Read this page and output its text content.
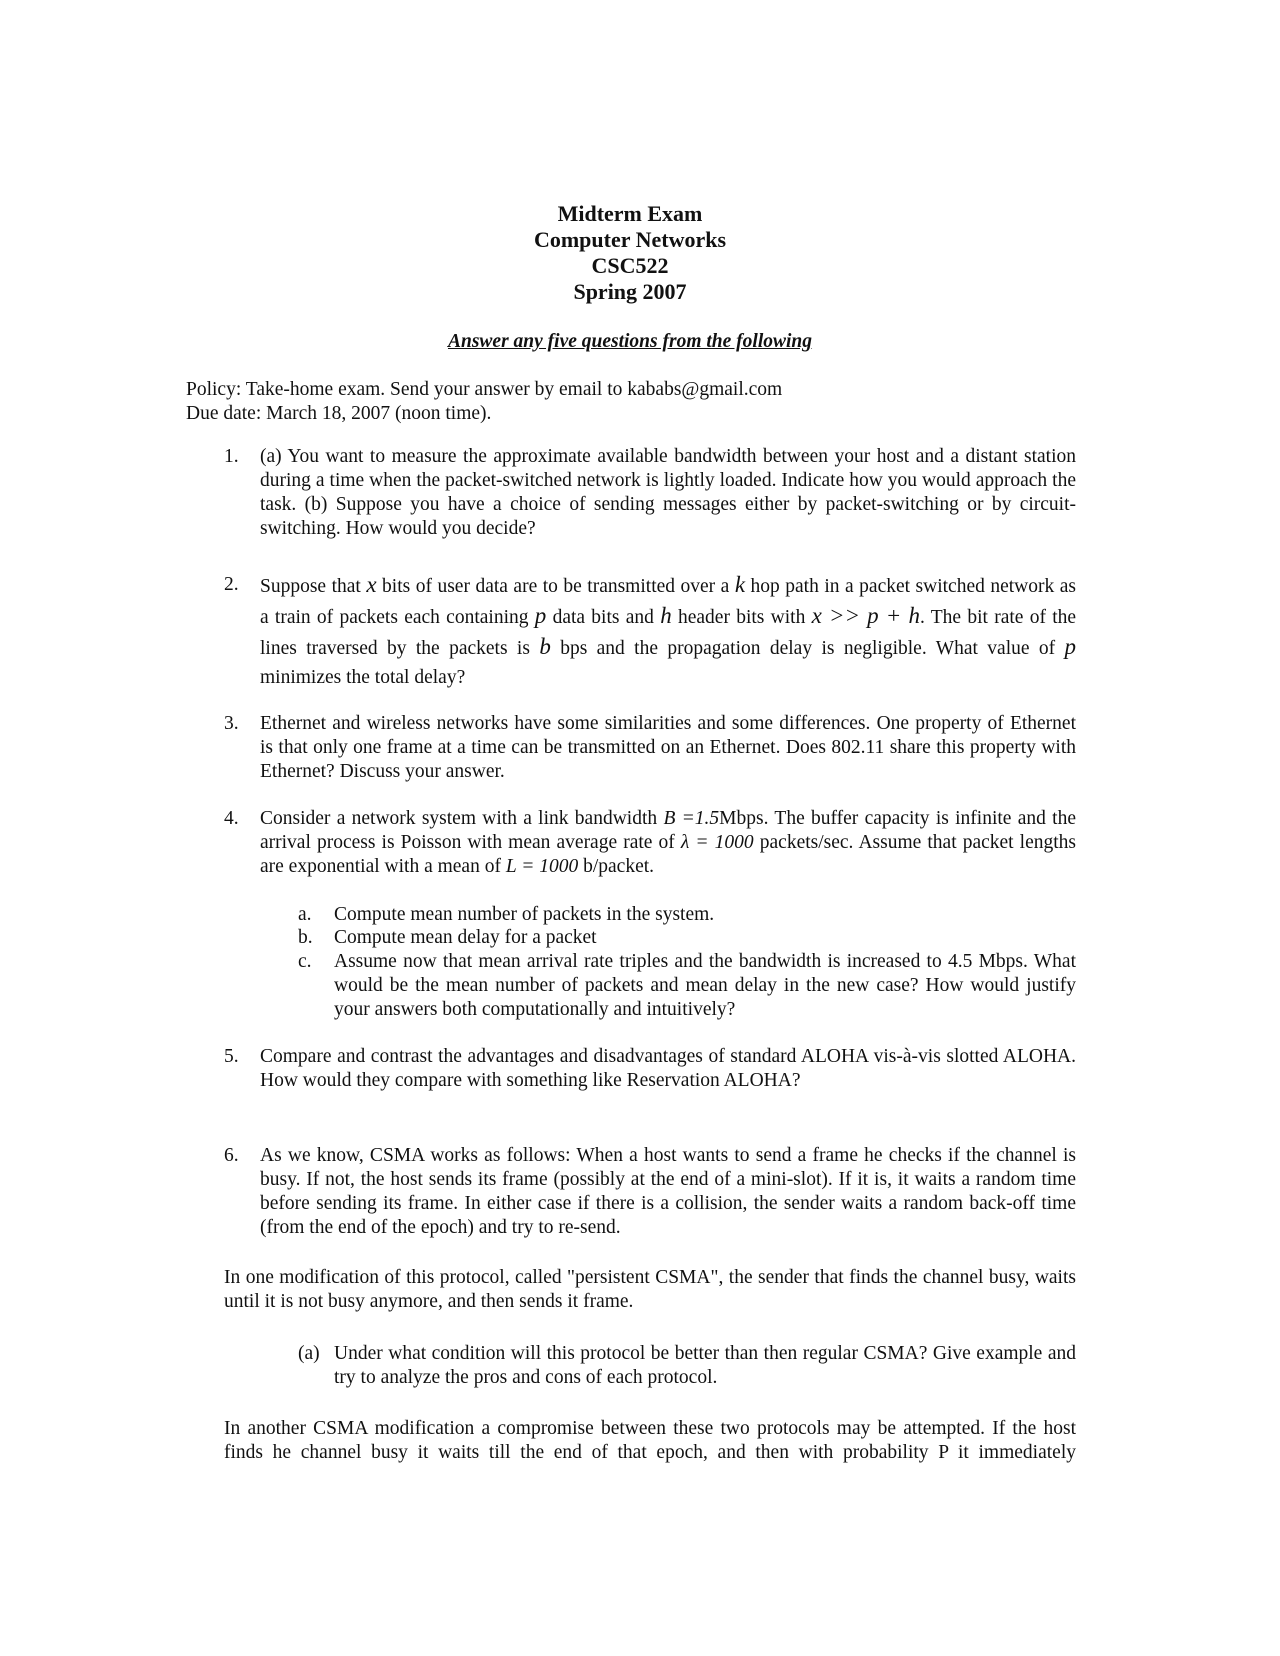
Midterm Exam
Computer Networks
CSC522
Spring 2007
Answer any five questions from the following
Policy: Take-home exam. Send your answer by email to kababs@gmail.com
Due date: March 18, 2007 (noon time).
1. (a) You want to measure the approximate available bandwidth between your host and a distant station during a time when the packet-switched network is lightly loaded. Indicate how you would approach the task. (b) Suppose you have a choice of sending messages either by packet-switching or by circuit-switching. How would you decide?
2. Suppose that x bits of user data are to be transmitted over a k hop path in a packet switched network as a train of packets each containing p data bits and h header bits with x >> p + h. The bit rate of the lines traversed by the packets is b bps and the propagation delay is negligible. What value of p minimizes the total delay?
3. Ethernet and wireless networks have some similarities and some differences. One property of Ethernet is that only one frame at a time can be transmitted on an Ethernet. Does 802.11 share this property with Ethernet? Discuss your answer.
4. Consider a network system with a link bandwidth B =1.5Mbps. The buffer capacity is infinite and the arrival process is Poisson with mean average rate of λ = 1000 packets/sec. Assume that packet lengths are exponential with a mean of L = 1000 b/packet.
a. Compute mean number of packets in the system.
b. Compute mean delay for a packet
c. Assume now that mean arrival rate triples and the bandwidth is increased to 4.5 Mbps. What would be the mean number of packets and mean delay in the new case? How would justify your answers both computationally and intuitively?
5. Compare and contrast the advantages and disadvantages of standard ALOHA vis-à-vis slotted ALOHA. How would they compare with something like Reservation ALOHA?
6. As we know, CSMA works as follows: When a host wants to send a frame he checks if the channel is busy. If not, the host sends its frame (possibly at the end of a mini-slot). If it is, it waits a random time before sending its frame. In either case if there is a collision, the sender waits a random back-off time (from the end of the epoch) and try to re-send.
In one modification of this protocol, called "persistent CSMA", the sender that finds the channel busy, waits until it is not busy anymore, and then sends it frame.
(a) Under what condition will this protocol be better than then regular CSMA? Give example and try to analyze the pros and cons of each protocol.
In another CSMA modification a compromise between these two protocols may be attempted. If the host finds he channel busy it waits till the end of that epoch, and then with probability P it immediately
